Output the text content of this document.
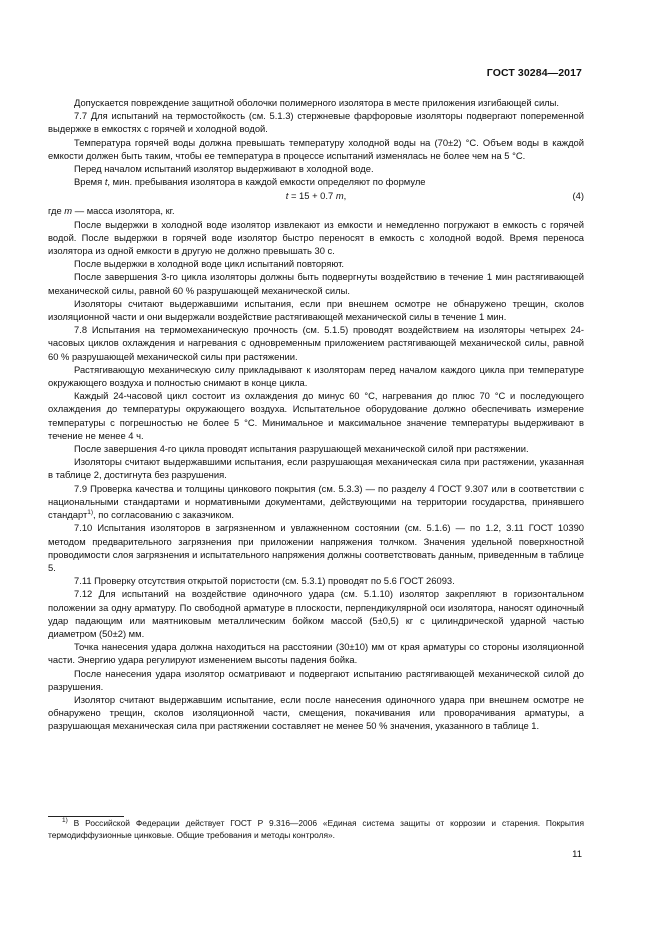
ГОСТ 30284—2017

Допускается повреждение защитной оболочки полимерного изолятора в месте приложения изгибающей силы.

7.7 Для испытаний на термостойкость (см. 5.1.3) стержневые фарфоровые изоляторы подвергают попеременной выдержке в емкостях с горячей и холодной водой.

Температура горячей воды должна превышать температуру холодной воды на (70±2) °С. Объем воды в каждой емкости должен быть таким, чтобы ее температура в процессе испытаний изменялась не более чем на 5 °С.

Перед началом испытаний изолятор выдерживают в холодной воде.

Время t, мин. пребывания изолятора в каждой емкости определяют по формуле

t = 15 + 0.7 m,	(4)

где m — масса изолятора, кг.

После выдержки в холодной воде изолятор извлекают из емкости и немедленно погружают в емкость с горячей водой. После выдержки в горячей воде изолятор быстро переносят в емкость с холодной водой. Время переноса изолятора из одной емкости в другую не должно превышать 30 с.

После выдержки в холодной воде цикл испытаний повторяют.

После завершения 3-го цикла изоляторы должны быть подвергнуты воздействию в течение 1 мин растягивающей механической силы, равной 60 % разрушающей механической силы.

Изоляторы считают выдержавшими испытания, если при внешнем осмотре не обнаружено трещин, сколов изоляционной части и они выдержали воздействие растягивающей механической силы в течение 1 мин.

7.8 Испытания на термомеханическую прочность (см. 5.1.5) проводят воздействием на изоляторы четырех 24-часовых циклов охлаждения и нагревания с одновременным приложением растягивающей механической силы, равной 60 % разрушающей механической силы при растяжении.

Растягивающую механическую силу прикладывают к изоляторам перед началом каждого цикла при температуре окружающего воздуха и полностью снимают в конце цикла.

Каждый 24-часовой цикл состоит из охлаждения до минус 60 °С, нагревания до плюс 70 °С и последующего охлаждения до температуры окружающего воздуха. Испытательное оборудование должно обеспечивать измерение температуры с погрешностью не более 5 °С. Минимальное и максимальное значение температуры выдерживают в течение не менее 4 ч.

После завершения 4-го цикла проводят испытания разрушающей механической силой при растяжении.

Изоляторы считают выдержавшими испытания, если разрушающая механическая сила при растяжении, указанная в таблице 2, достигнута без разрушения.

7.9 Проверка качества и толщины цинкового покрытия (см. 5.3.3) — по разделу 4 ГОСТ 9.307 или в соответствии с национальными стандартами и нормативными документами, действующими на территории государства, принявшего стандарт$^{1)}$, по согласованию с заказчиком.

7.10 Испытания изоляторов в загрязненном и увлажненном состоянии (см. 5.1.6) — по 1.2, 3.11 ГОСТ 10390 методом предварительного загрязнения при приложении напряжения толчком. Значения удельной поверхностной проводимости слоя загрязнения и испытательного напряжения должны соответствовать данным, приведенным в таблице 5.

7.11 Проверку отсутствия открытой пористости (см. 5.3.1) проводят по 5.6 ГОСТ 26093.

7.12 Для испытаний на воздействие одиночного удара (см. 5.1.10) изолятор закрепляют в горизонтальном положении за одну арматуру. По свободной арматуре в плоскости, перпендикулярной оси изолятора, наносят одиночный удар падающим или маятниковым металлическим бойком массой (5±0,5) кг с цилиндрической ударной частью диаметром (50±2) мм.

Точка нанесения удара должна находиться на расстоянии (30±10) мм от края арматуры со стороны изоляционной части. Энергию удара регулируют изменением высоты падения бойка.

После нанесения удара изолятор осматривают и подвергают испытанию растягивающей механической силой до разрушения.

Изолятор считают выдержавшим испытание, если после нанесения одиночного удара при внешнем осмотре не обнаружено трещин, сколов изоляционной части, смещения, покачивания или проворачивания арматуры, а разрушающая механическая сила при растяжении составляет не менее 50 % значения, указанного в таблице 1.

$^{1)}$ В Российской Федерации действует ГОСТ Р 9.316—2006 «Единая система защиты от коррозии и старения. Покрытия термодиффузионные цинковые. Общие требования и методы контроля».

11
